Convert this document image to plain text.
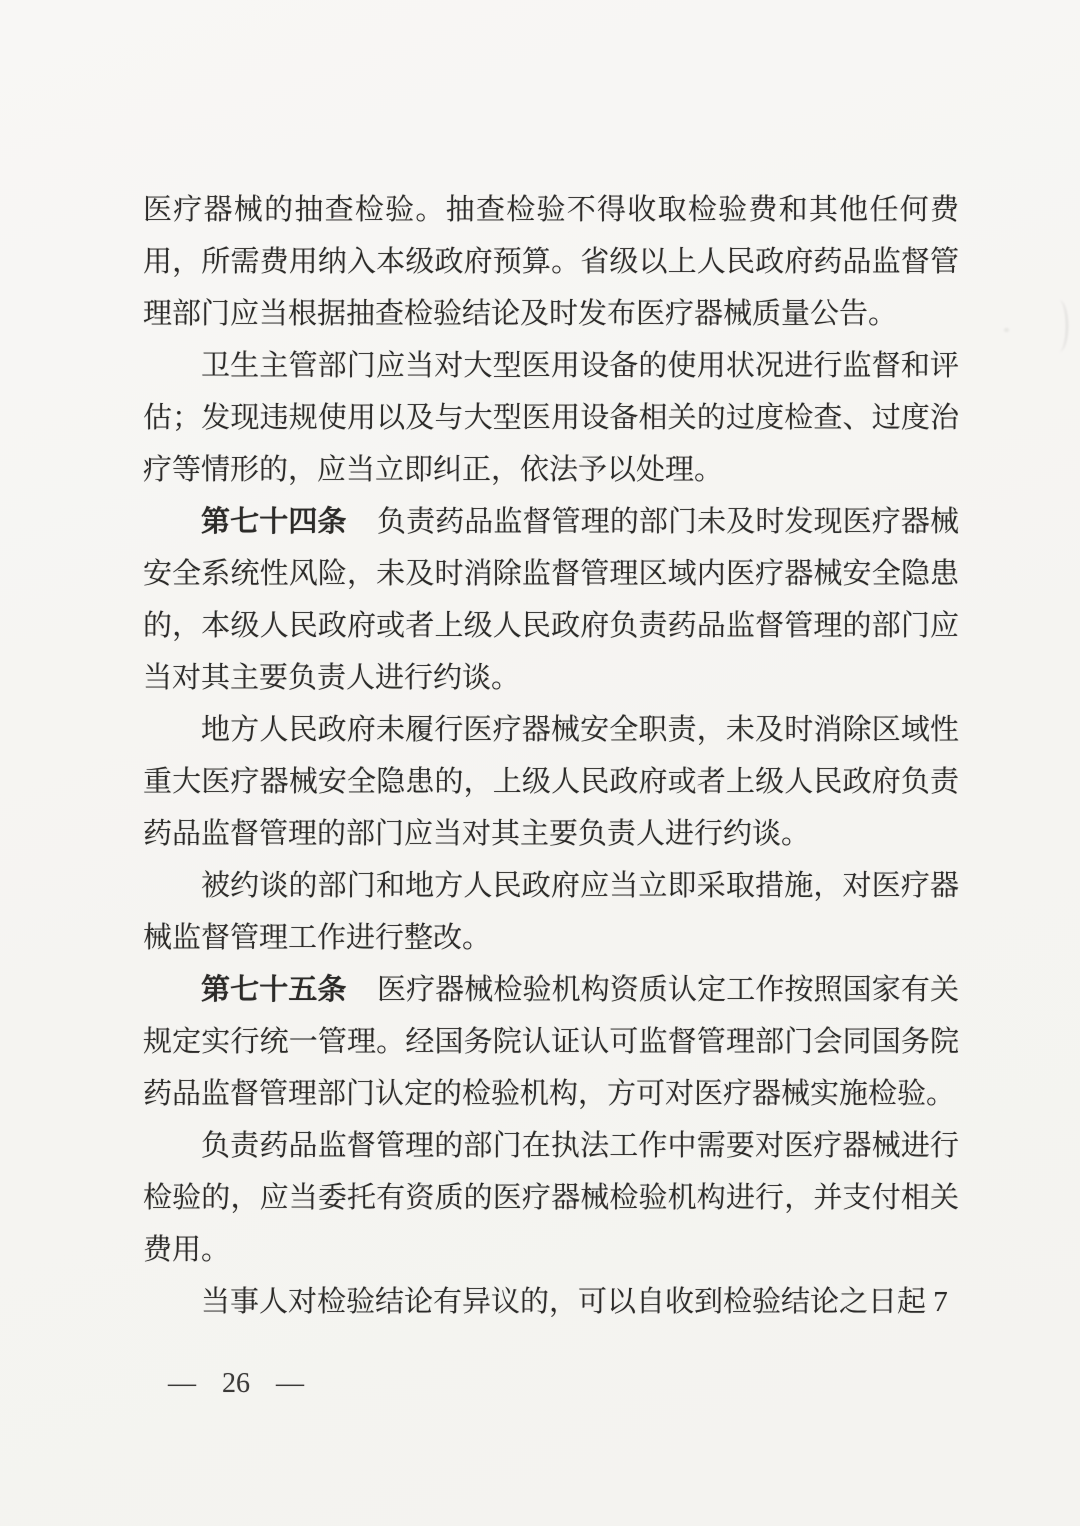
医疗器械的抽查检验。抽查检验不得收取检验费和其他任何费用，所需费用纳入本级政府预算。省级以上人民政府药品监督管理部门应当根据抽查检验结论及时发布医疗器械质量公告。

卫生主管部门应当对大型医用设备的使用状况进行监督和评估；发现违规使用以及与大型医用设备相关的过度检查、过度治疗等情形的，应当立即纠正，依法予以处理。

第七十四条 负责药品监督管理的部门未及时发现医疗器械安全系统性风险，未及时消除监督管理区域内医疗器械安全隐患的，本级人民政府或者上级人民政府负责药品监督管理的部门应当对其主要负责人进行约谈。

地方人民政府未履行医疗器械安全职责，未及时消除区域性重大医疗器械安全隐患的，上级人民政府或者上级人民政府负责药品监督管理的部门应当对其主要负责人进行约谈。

被约谈的部门和地方人民政府应当立即采取措施，对医疗器械监督管理工作进行整改。

第七十五条 医疗器械检验机构资质认定工作按照国家有关规定实行统一管理。经国务院认证认可监督管理部门会同国务院药品监督管理部门认定的检验机构，方可对医疗器械实施检验。

负责药品监督管理的部门在执法工作中需要对医疗器械进行检验的，应当委托有资质的医疗器械检验机构进行，并支付相关费用。

当事人对检验结论有异议的，可以自收到检验结论之日起 7

— 26 —
